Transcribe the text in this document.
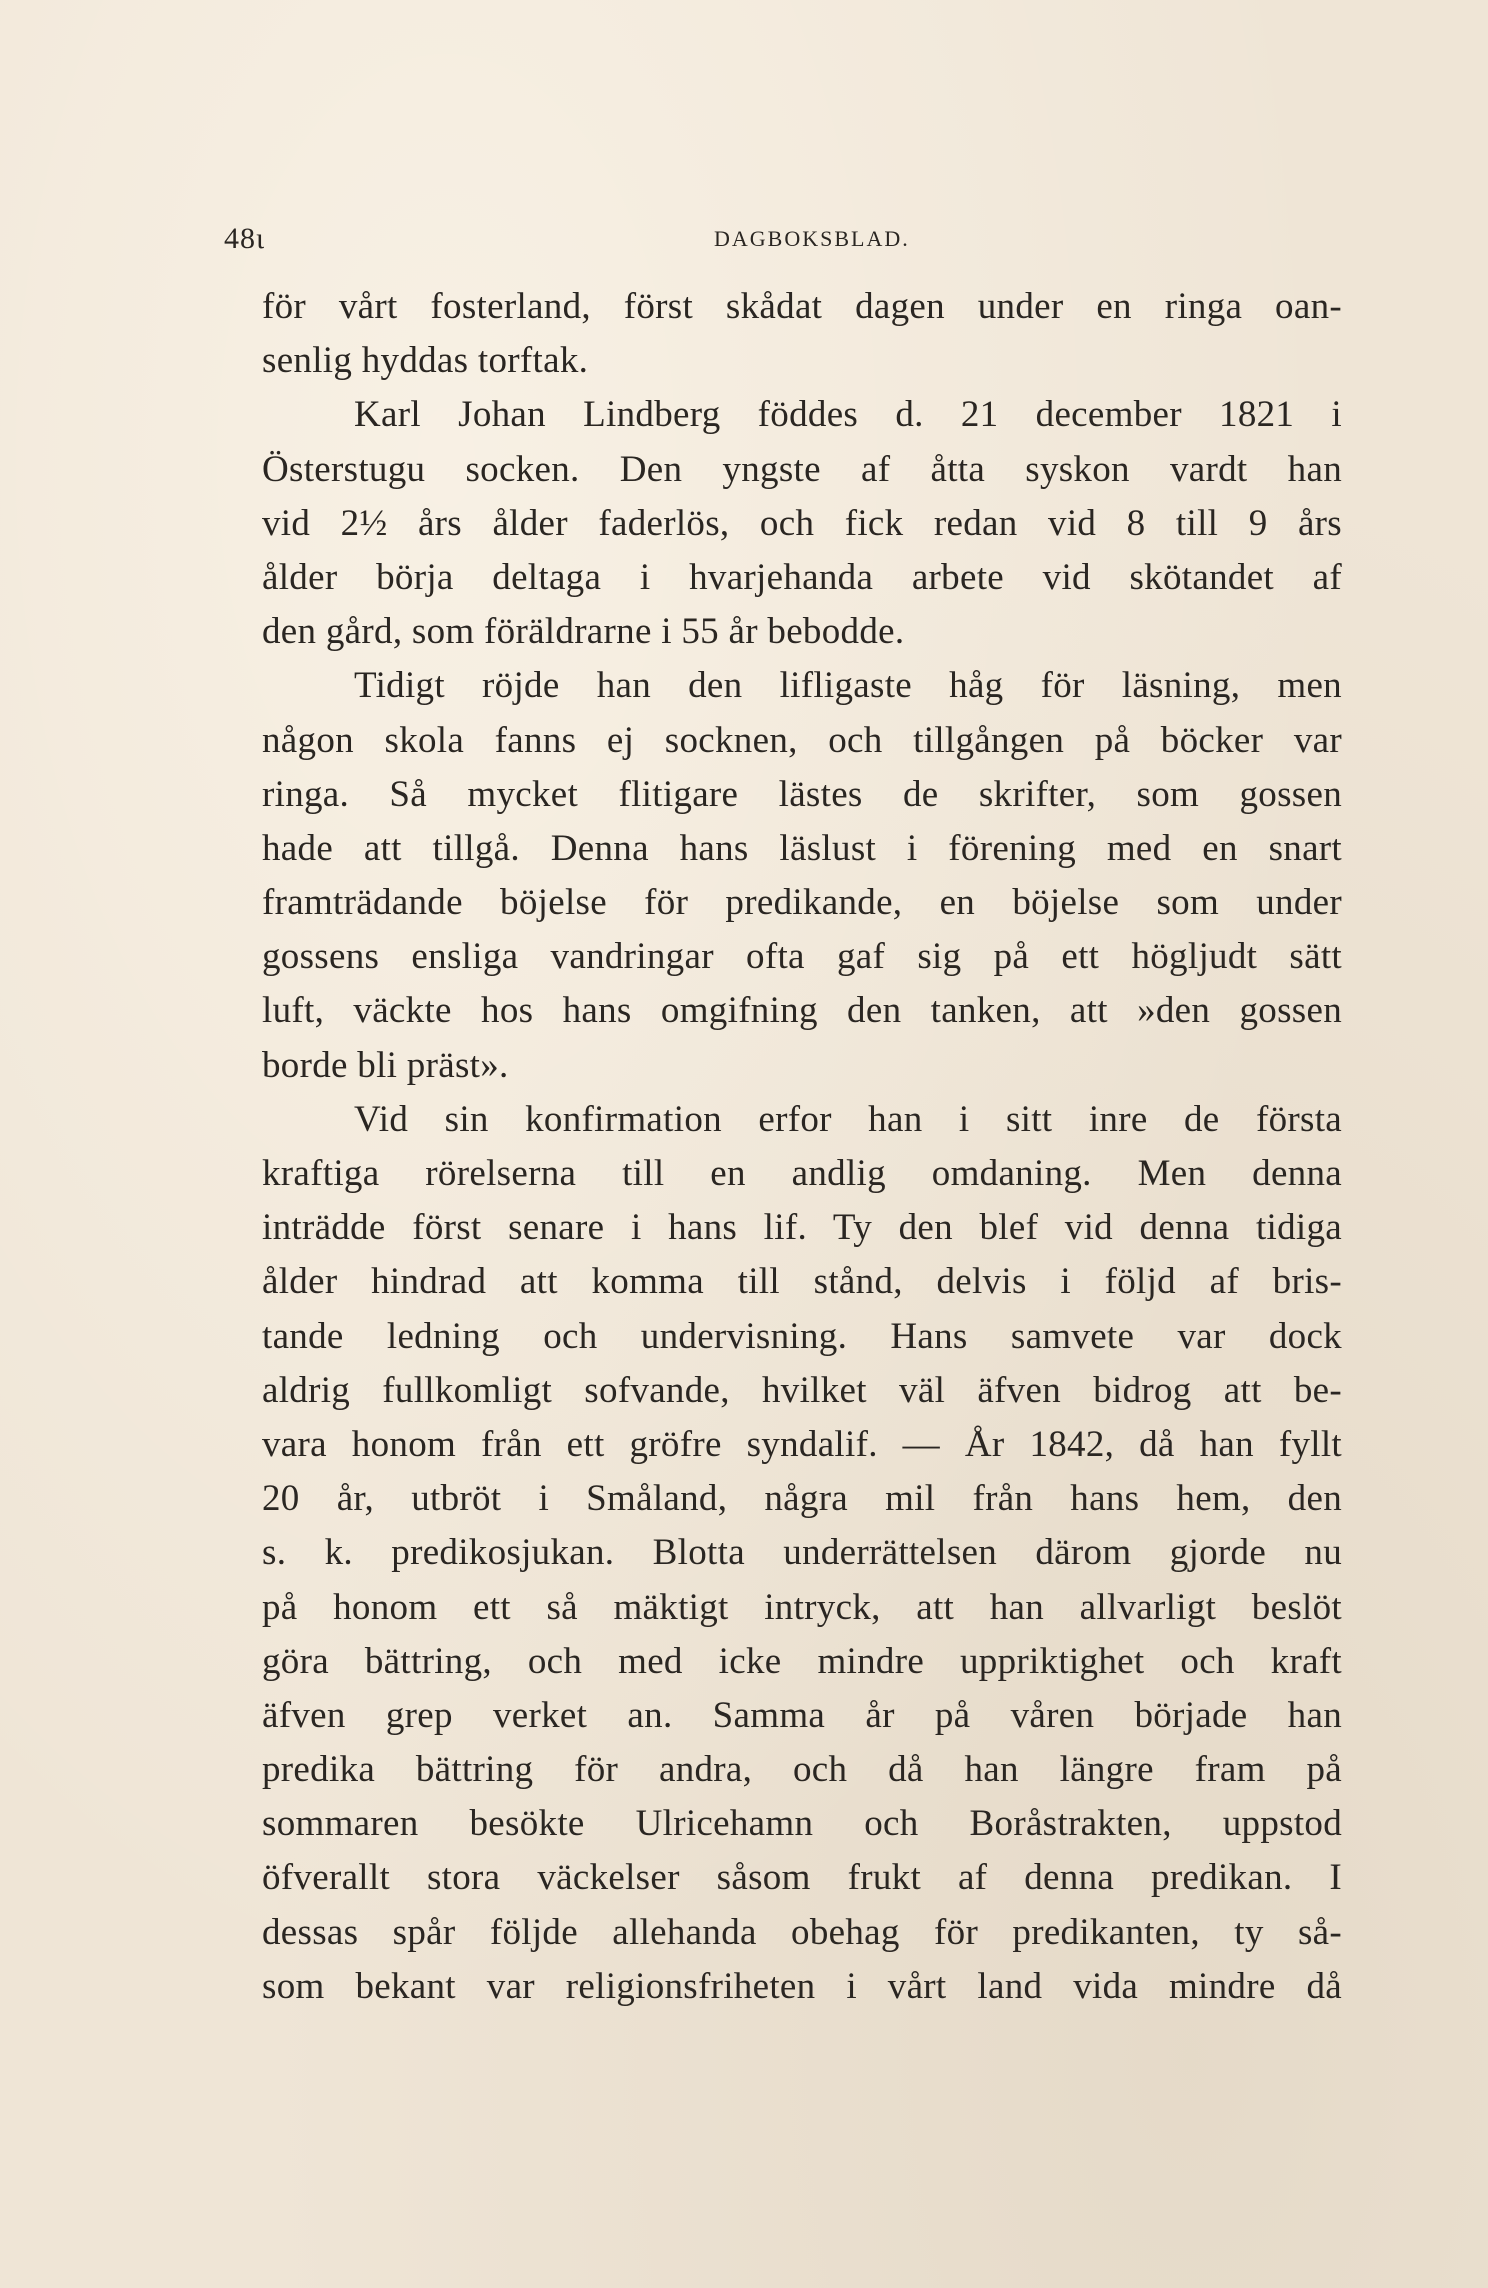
48ι	DAGBOKSBLAD.
för vårt fosterland, först skådat dagen under en ringa oan-
senlig hyddas torftak.
Karl Johan Lindberg föddes d. 21 december 1821 i
Österstugu socken. Den yngste af åtta syskon vardt han
vid 2½ års ålder faderlös, och fick redan vid 8 till 9 års
ålder börja deltaga i hvarjehanda arbete vid skötandet af
den gård, som föräldrarne i 55 år bebodde.
Tidigt röjde han den lifligaste håg för läsning, men
någon skola fanns ej socknen, och tillgången på böcker var
ringa. Så mycket flitigare lästes de skrifter, som gossen
hade att tillgå. Denna hans läslust i förening med en snart
framträdande böjelse för predikande, en böjelse som under
gossens ensliga vandringar ofta gaf sig på ett högljudt sätt
luft, väckte hos hans omgifning den tanken, att »den gossen
borde bli präst».
Vid sin konfirmation erfor han i sitt inre de första
kraftiga rörelserna till en andlig omdaning. Men denna
inträdde först senare i hans lif. Ty den blef vid denna tidiga
ålder hindrad att komma till stånd, delvis i följd af bris-
tande ledning och undervisning. Hans samvete var dock
aldrig fullkomligt sofvande, hvilket väl äfven bidrog att be-
vara honom från ett gröfre syndalif. — År 1842, då han fyllt
20 år, utbröt i Småland, några mil från hans hem, den
s. k. predikosjukan. Blotta underrättelsen därom gjorde nu
på honom ett så mäktigt intryck, att han allvarligt beslöt
göra bättring, och med icke mindre uppriktighet och kraft
äfven grep verket an. Samma år på våren började han
predika bättring för andra, och då han längre fram på
sommaren besökte Ulricehamn och Boråstrakten, uppstod
öfverallt stora väckelser såsom frukt af denna predikan. I
dessas spår följde allehanda obehag för predikanten, ty så-
som bekant var religionsfriheten i vårt land vida mindre då
